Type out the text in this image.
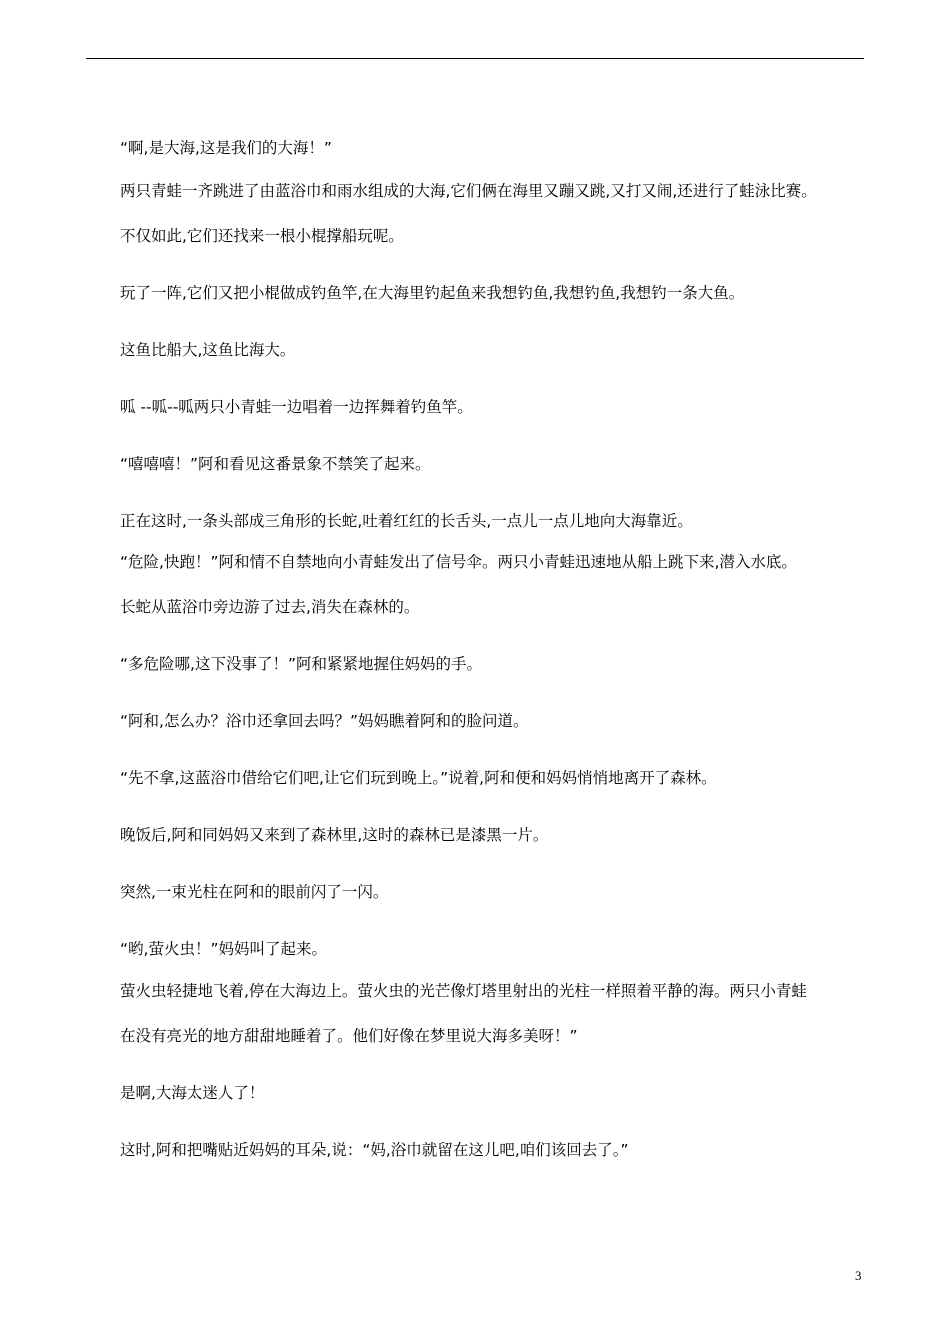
“啊,是大海,这是我们的大海！”
两只青蛙一齐跳进了由蓝浴巾和雨水组成的大海,它们俩在海里又蹦又跳,又打又闹,还进行了蛙泳比赛。
不仅如此,它们还找来一根小棍撑船玩呢。
玩了一阵,它们又把小棍做成钓鱼竿,在大海里钓起鱼来我想钓鱼,我想钓鱼,我想钓一条大鱼。
这鱼比船大,这鱼比海大。
呱 --呱--呱两只小青蛙一边唱着一边挥舞着钓鱼竿。
“嘻嘻嘻！”阿和看见这番景象不禁笑了起来。
正在这时,一条头部成三角形的长蛇,吐着红红的长舌头,一点儿一点儿地向大海靠近。
“危险,快跑！”阿和情不自禁地向小青蛙发出了信号伞。两只小青蛙迅速地从船上跳下来,潜入水底。
长蛇从蓝浴巾旁边游了过去,消失在森林的。
“多危险哪,这下没事了！”阿和紧紧地握住妈妈的手。
“阿和,怎么办？浴巾还拿回去吗？”妈妈瞧着阿和的脸问道。
“先不拿,这蓝浴巾借给它们吧,让它们玩到晚上。”说着,阿和便和妈妈悄悄地离开了森林。
晚饭后,阿和同妈妈又来到了森林里,这时的森林已是漆黑一片。
突然,一束光柱在阿和的眼前闪了一闪。
“哟,萤火虫！”妈妈叫了起来。
萤火虫轻捷地飞着,停在大海边上。萤火虫的光芒像灯塔里射出的光柱一样照着平静的海。两只小青蛙
在没有亮光的地方甜甜地睡着了。他们好像在梦里说大海多美呀！”
是啊,大海太迷人了！
这时,阿和把嘴贴近妈妈的耳朵,说：“妈,浴巾就留在这儿吧,咱们该回去了。”
3
